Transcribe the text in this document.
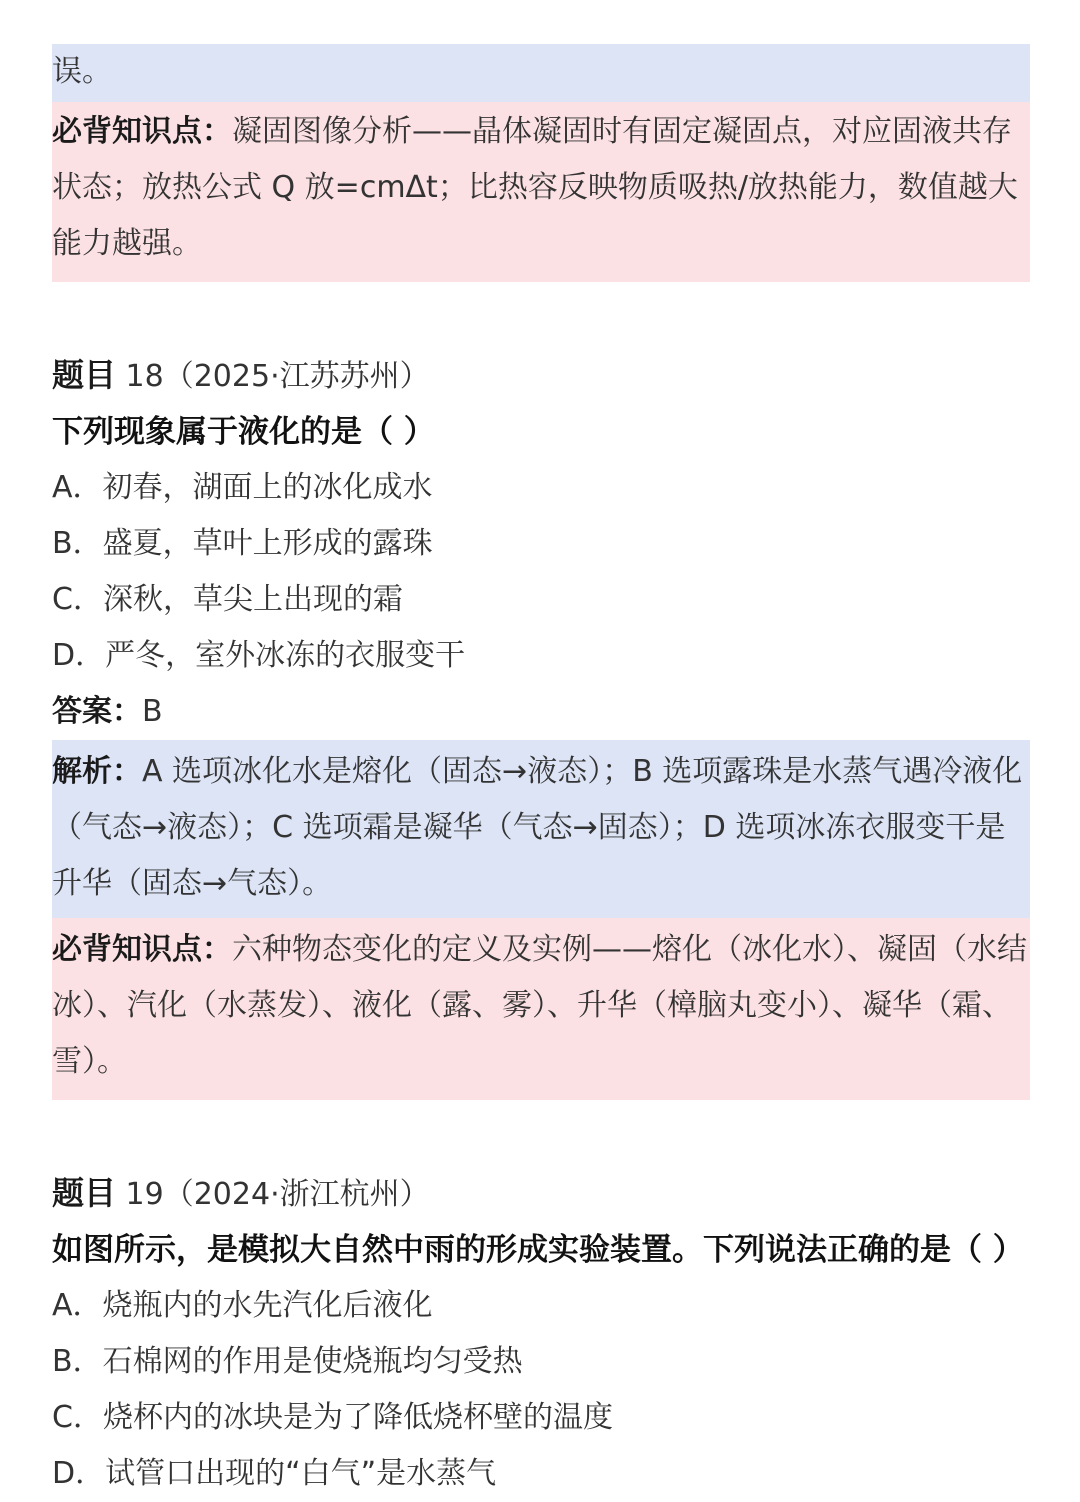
误。
必背知识点：凝固图像分析——晶体凝固时有固定凝固点，对应固液共存状态；放热公式 Q 放=cmΔt；比热容反映物质吸热/放热能力，数值越大能力越强。
题目 18（2025·江苏苏州）
下列现象属于液化的是（ ）
A．初春，湖面上的冰化成水
B．盛夏，草叶上形成的露珠
C．深秋，草尖上出现的霜
D．严冬，室外冰冻的衣服变干
答案：B
解析：A 选项冰化水是熔化（固态→液态）；B 选项露珠是水蒸气遇冷液化（气态→液态）；C 选项霜是凝华（气态→固态）；D 选项冰冻衣服变干是升华（固态→气态）。
必背知识点：六种物态变化的定义及实例——熔化（冰化水）、凝固（水结冰）、汽化（水蒸发）、液化（露、雾）、升华（樟脑丸变小）、凝华（霜、雪）。
题目 19（2024·浙江杭州）
如图所示，是模拟大自然中雨的形成实验装置。下列说法正确的是（ ）
A．烧瓶内的水先汽化后液化
B．石棉网的作用是使烧瓶均匀受热
C．烧杯内的冰块是为了降低烧杯壁的温度
D．试管口出现的“白气”是水蒸气
